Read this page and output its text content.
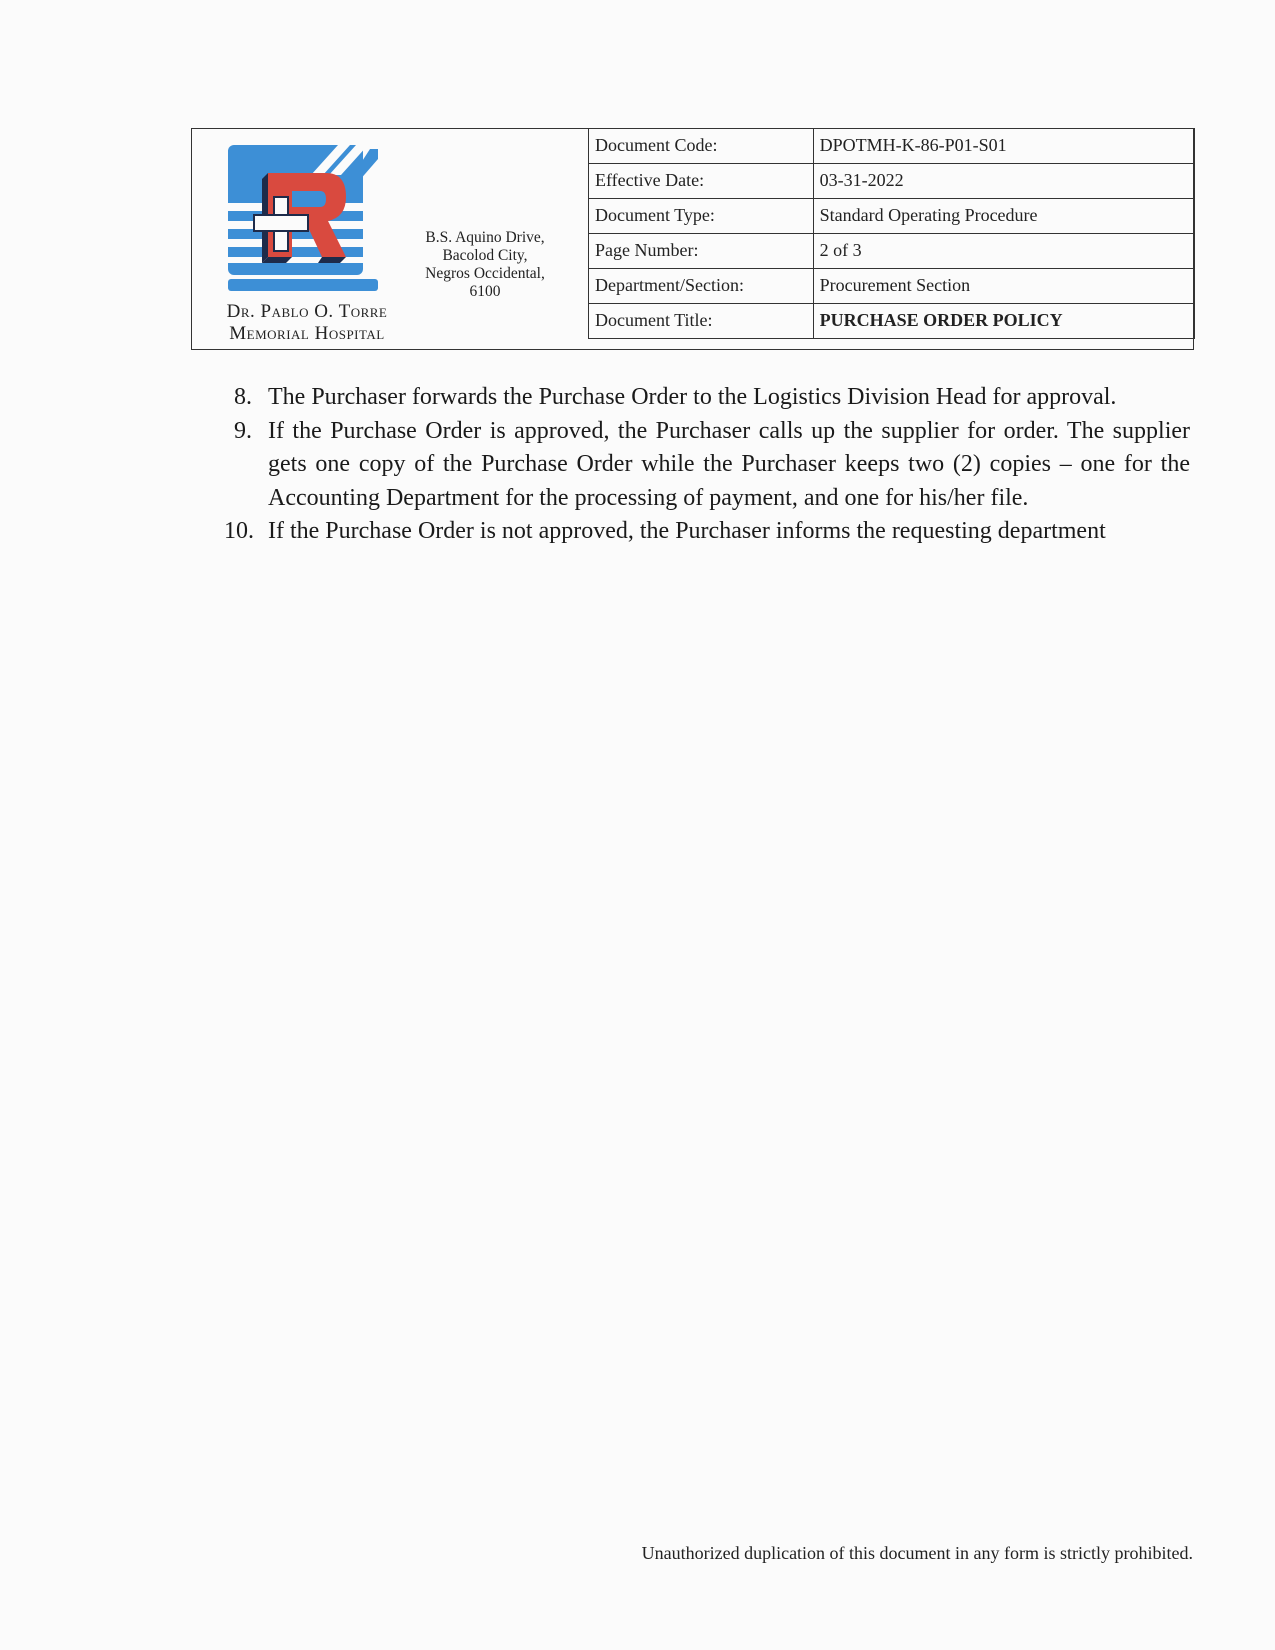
Dr. Pablo O. Torre
Memorial Hospital
B.S. Aquino Drive,
Bacolod City,
Negros Occidental,
6100
Document Code:	DPOTMH-K-86-P01-S01
Effective Date:	03-31-2022
Document Type:	Standard Operating Procedure
Page Number:	2 of 3
Department/Section:	Procurement Section
Document Title:	PURCHASE ORDER POLICY
8. The Purchaser forwards the Purchase Order to the Logistics Division Head for approval.
9. If the Purchase Order is approved, the Purchaser calls up the supplier for order. The supplier gets one copy of the Purchase Order while the Purchaser keeps two (2) copies – one for the Accounting Department for the processing of payment, and one for his/her file.
10. If the Purchase Order is not approved, the Purchaser informs the requesting department
Unauthorized duplication of this document in any form is strictly prohibited.
